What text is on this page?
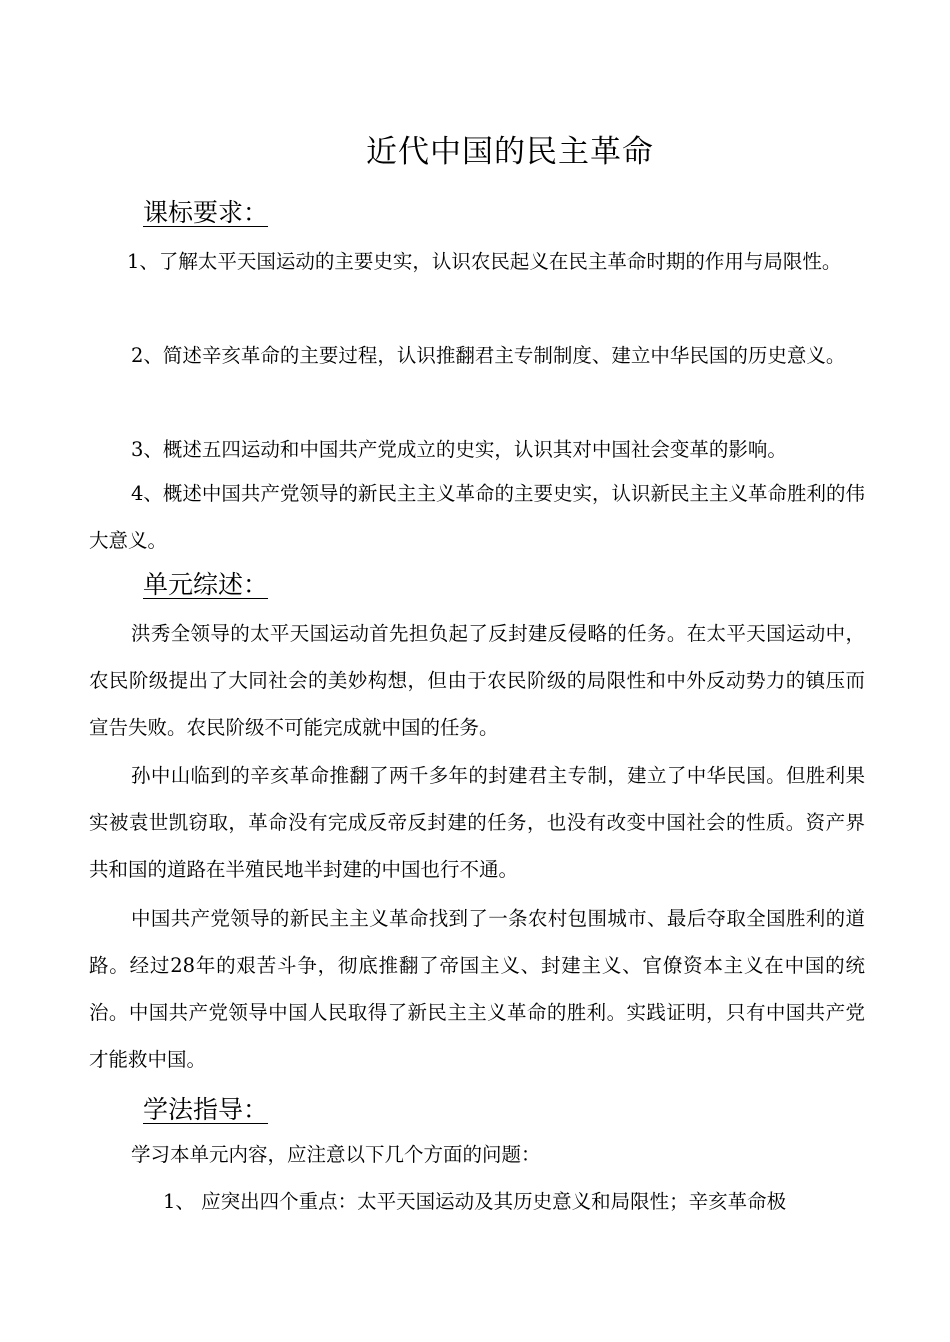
近代中国的民主革命
课标要求：
1、了解太平天国运动的主要史实，认识农民起义在民主革命时期的作用与局限性。
2、简述辛亥革命的主要过程，认识推翻君主专制制度、建立中华民国的历史意义。
3、概述五四运动和中国共产党成立的史实，认识其对中国社会变革的影响。
4、概述中国共产党领导的新民主主义革命的主要史实，认识新民主主义革命胜利的伟大意义。
单元综述：
洪秀全领导的太平天国运动首先担负起了反封建反侵略的任务。在太平天国运动中，农民阶级提出了大同社会的美妙构想，但由于农民阶级的局限性和中外反动势力的镇压而宣告失败。农民阶级不可能完成就中国的任务。
孙中山临到的辛亥革命推翻了两千多年的封建君主专制，建立了中华民国。但胜利果实被袁世凯窃取，革命没有完成反帝反封建的任务，也没有改变中国社会的性质。资产界共和国的道路在半殖民地半封建的中国也行不通。
中国共产党领导的新民主主义革命找到了一条农村包围城市、最后夺取全国胜利的道路。经过28年的艰苦斗争，彻底推翻了帝国主义、封建主义、官僚资本主义在中国的统治。中国共产党领导中国人民取得了新民主主义革命的胜利。实践证明，只有中国共产党才能救中国。
学法指导：
学习本单元内容，应注意以下几个方面的问题：
1、 应突出四个重点：太平天国运动及其历史意义和局限性；辛亥革命极
